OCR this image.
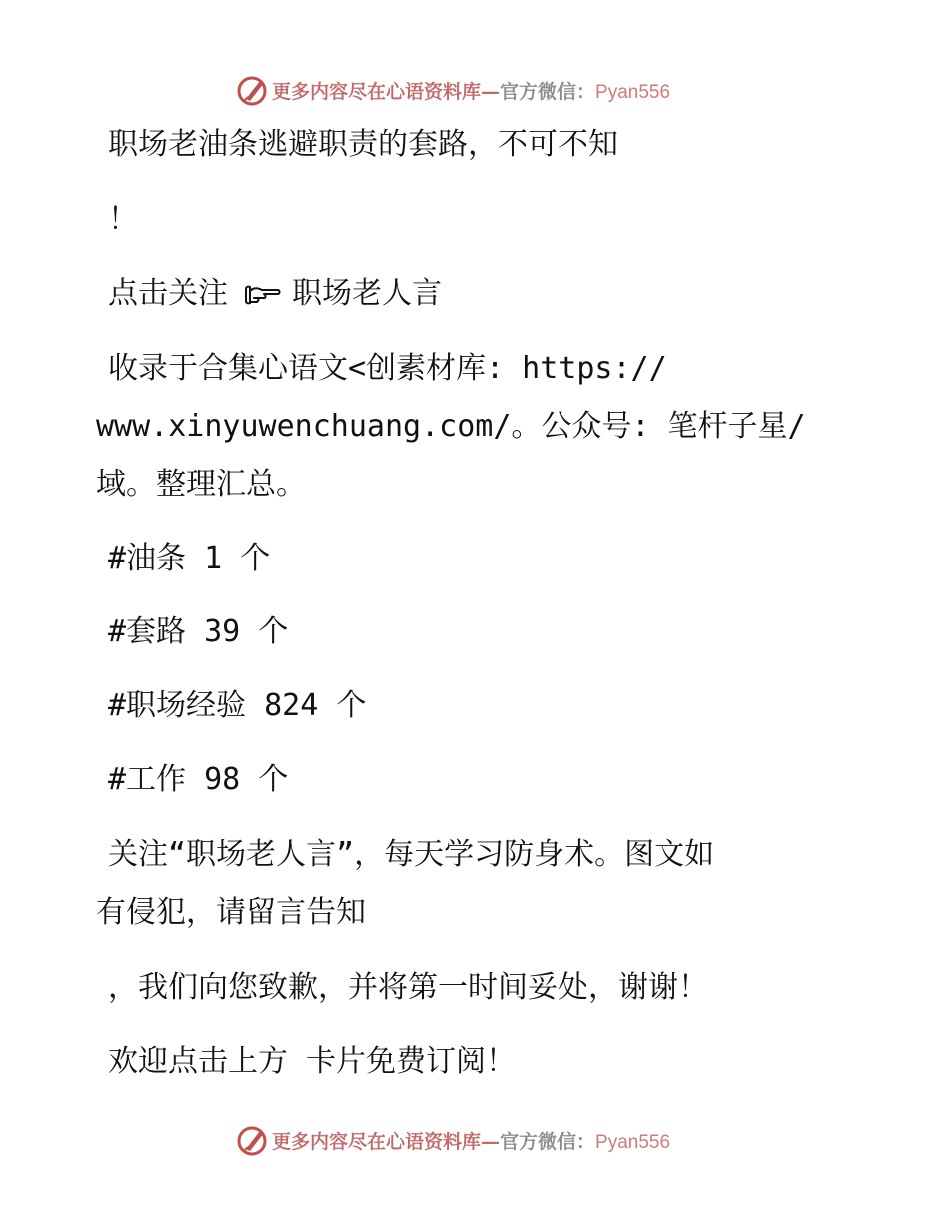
更多内容尽在心语资料库—官方微信：Pyan556
职场老油条逃避职责的套路，不可不知
！
点击关注 职场老人言
收录于合集心语文<创素材库: https://
www.xinyuwenchuang.com/。公众号: 笔杆子星/
域。整理汇总。
#油条 1 个
#套路 39 个
#职场经验 824 个
#工作 98 个
关注“职场老人言”，每天学习防身术。图文如
有侵犯，请留言告知
，我们向您致歉，并将第一时间妥处，谢谢！
欢迎点击上方 卡片免费订阅！
更多内容尽在心语资料库—官方微信：Pyan556
